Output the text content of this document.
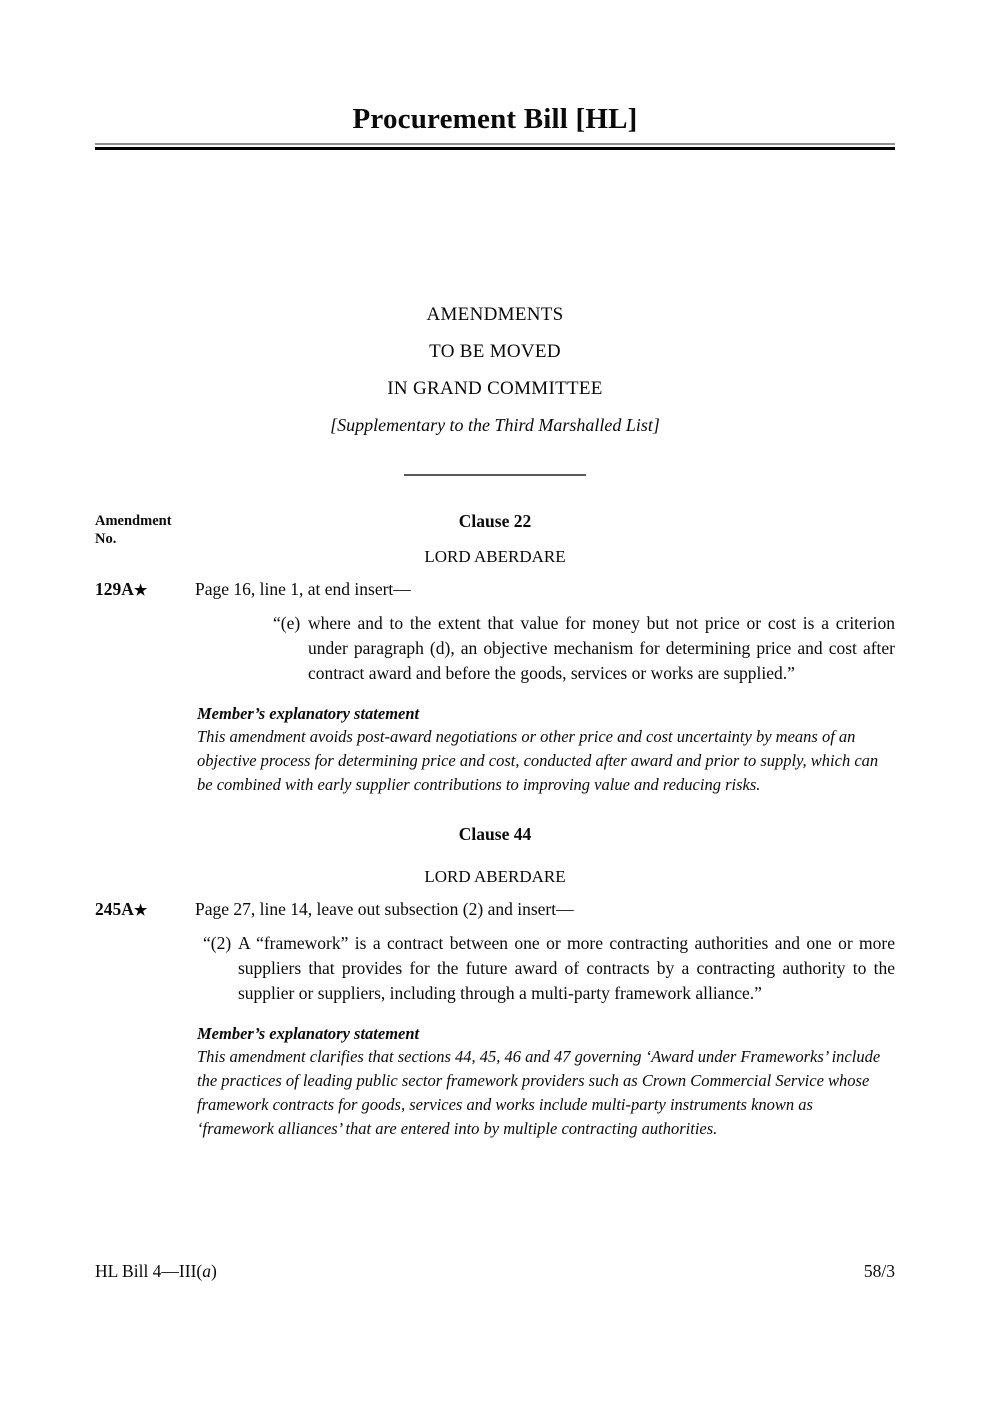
Procurement Bill [HL]
AMENDMENTS
TO BE MOVED
IN GRAND COMMITTEE
[Supplementary to the Third Marshalled List]
Amendment
No.
Clause 22
LORD ABERDARE
129A★	Page 16, line 1, at end insert—
“(e) where and to the extent that value for money but not price or cost is a criterion under paragraph (d), an objective mechanism for determining price and cost after contract award and before the goods, services or works are supplied.”
Member’s explanatory statement
This amendment avoids post-award negotiations or other price and cost uncertainty by means of an objective process for determining price and cost, conducted after award and prior to supply, which can be combined with early supplier contributions to improving value and reducing risks.
Clause 44
LORD ABERDARE
245A★	Page 27, line 14, leave out subsection (2) and insert—
“(2) A “framework” is a contract between one or more contracting authorities and one or more suppliers that provides for the future award of contracts by a contracting authority to the supplier or suppliers, including through a multi-party framework alliance.”
Member’s explanatory statement
This amendment clarifies that sections 44, 45, 46 and 47 governing ‘Award under Frameworks’ include the practices of leading public sector framework providers such as Crown Commercial Service whose framework contracts for goods, services and works include multi-party instruments known as ‘framework alliances’ that are entered into by multiple contracting authorities.
HL Bill 4—III(a)	58/3
